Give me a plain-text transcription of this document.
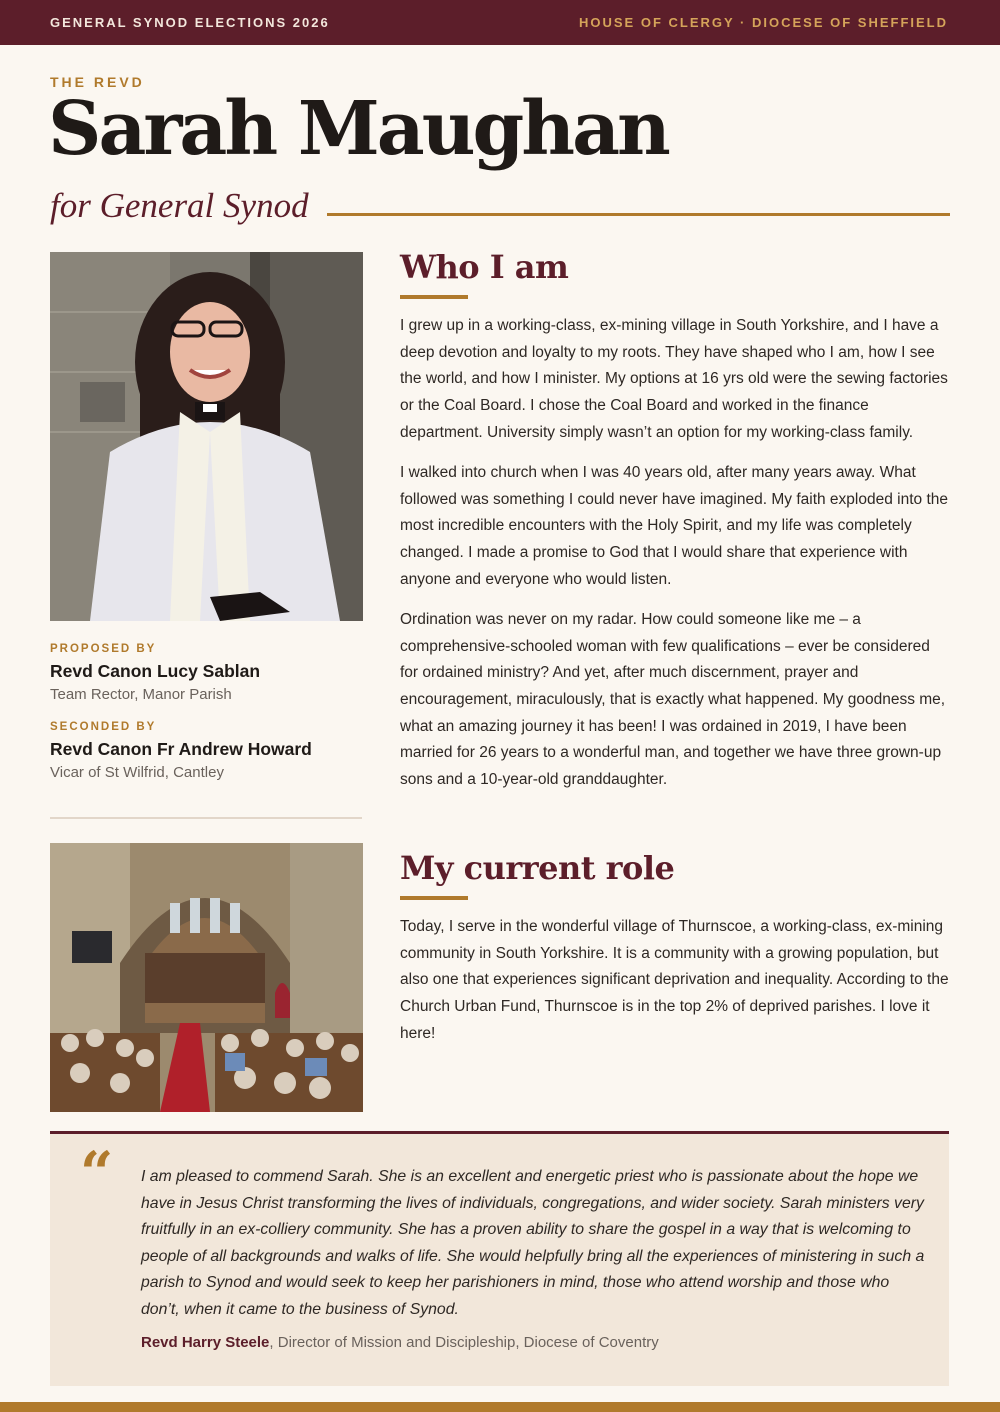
GENERAL SYNOD ELECTIONS 2026	HOUSE OF CLERGY · DIOCESE OF SHEFFIELD
THE REVD
Sarah Maughan
for General Synod
PROPOSED BY
Revd Canon Lucy Sablan
Team Rector, Manor Parish
SECONDED BY
Revd Canon Fr Andrew Howard
Vicar of St Wilfrid, Cantley
Who I am

I grew up in a working-class, ex-mining village in South Yorkshire, and I have a deep devotion and loyalty to my roots. They have shaped who I am, how I see the world, and how I minister. My options at 16 yrs old were the sewing factories or the Coal Board. I chose the Coal Board and worked in the finance department. University simply wasn’t an option for my working-class family.

I walked into church when I was 40 years old, after many years away. What followed was something I could never have imagined. My faith exploded into the most incredible encounters with the Holy Spirit, and my life was completely changed. I made a promise to God that I would share that experience with anyone and everyone who would listen.

Ordination was never on my radar. How could someone like me – a comprehensive-schooled woman with few qualifications – ever be considered for ordained ministry? And yet, after much discernment, prayer and encouragement, miraculously, that is exactly what happened. My goodness me, what an amazing journey it has been! I was ordained in 2019, I have been married for 26 years to a wonderful man, and together we have three grown-up sons and a 10-year-old granddaughter.

My current role

Today, I serve in the wonderful village of Thurnscoe, a working-class, ex-mining community in South Yorkshire. It is a community with a growing population, but also one that experiences significant deprivation and inequality. According to the Church Urban Fund, Thurnscoe is in the top 2% of deprived parishes. I love it here!

“ I am pleased to commend Sarah. She is an excellent and energetic priest who is passionate about the hope we have in Jesus Christ transforming the lives of individuals, congregations, and wider society. Sarah ministers very fruitfully in an ex-colliery community. She has a proven ability to share the gospel in a way that is welcoming to people of all backgrounds and walks of life. She would helpfully bring all the experiences of ministering in such a parish to Synod and would seek to keep her parishioners in mind, those who attend worship and those who don’t, when it came to the business of Synod.

Revd Harry Steele, Director of Mission and Discipleship, Diocese of Coventry
